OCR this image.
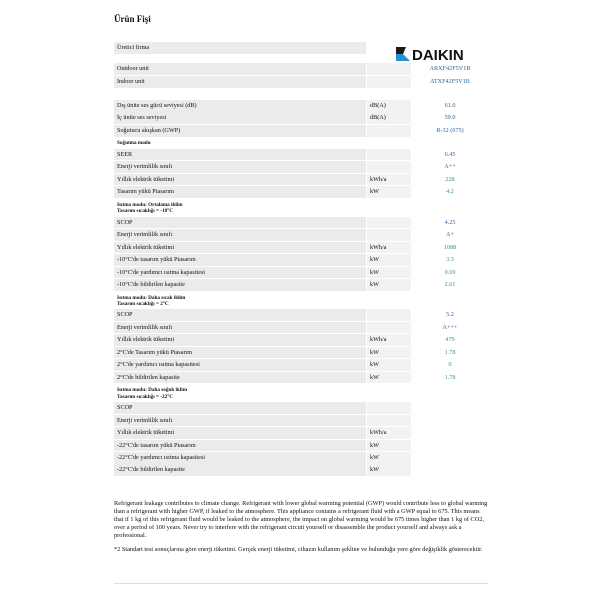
Ürün Fişi
Üretici firma
Outdoor unit	ARXF42F5V1B
Indoor unit	ATXF42F5V1B
DAIKIN
Dış ünite ses gücü seviyesi (dB)	dB(A)	61.0
İç ünite ses seviyesi	dB(A)	59.0
Soğutucu akışkan (GWP)	R-32 (675)
Soğutma modu
SEER	6.45
Enerji verimlilik sınıfı	A++
Yıllık elektrik tüketimi	kWh/a	228
Tasarım yükü Ptasarım	kW	4.2
Isıtma modu: Ortalama iklim
Tasarım sıcaklığı = -10°C
SCOP	4.25
Enerji verimlilik sınıfı	A+
Yıllık elektrik tüketimi	kWh/a	1088
-10°C'de tasarım yükü Ptasarım	kW	3.3
-10°C'de yardımcı ısıtma kapasitesi	kW	0.69
-10°C'de bildirilen kapasite	kW	2.61
Isıtma modu: Daha sıcak iklim
Tasarım sıcaklığı = 2°C
SCOP	5.2
Enerji verimlilik sınıfı	A+++
Yıllık elektrik tüketimi	kWh/a	479
2°C'de Tasarım yükü Ptasarım	kW	1.78
2°C'de yardımcı ısıtma kapasitesi	kW	0
2°C'de bildirilen kapasite	kW	1.78
Isıtma modu: Daha soğuk iklim
Tasarım sıcaklığı = -22°C
SCOP
Enerji verimlilik sınıfı
Yıllık elektrik tüketimi	kWh/a
-22°C'de tasarım yükü Ptasarım	kW
-22°C'de yardımcı ısıtma kapasitesi	kW
-22°C'de bildirilen kapasite	kW

Refrigerant leakage contributes to climate change. Refrigerant with lower global warming potential (GWP) would contribute less to global warming than a refrigerant with higher GWP, if leaked to the atmosphere. This appliance contains a refrigerant fluid with a GWP equal to 675. This means that if 1 kg of this refrigerant fluid would be leaked to the atmosphere, the impact on global warming would be 675 times higher than 1 kg of CO2, over a period of 100 years. Never try to interfere with the refrigerant circuit yourself or disassemble the product yourself and always ask a professional.

*2 Standart test sonuçlarına göre enerji tüketimi. Gerçek enerji tüketimi, cihazın kullanım şekline ve bulunduğu yere göre değişiklik gösterecektir.
